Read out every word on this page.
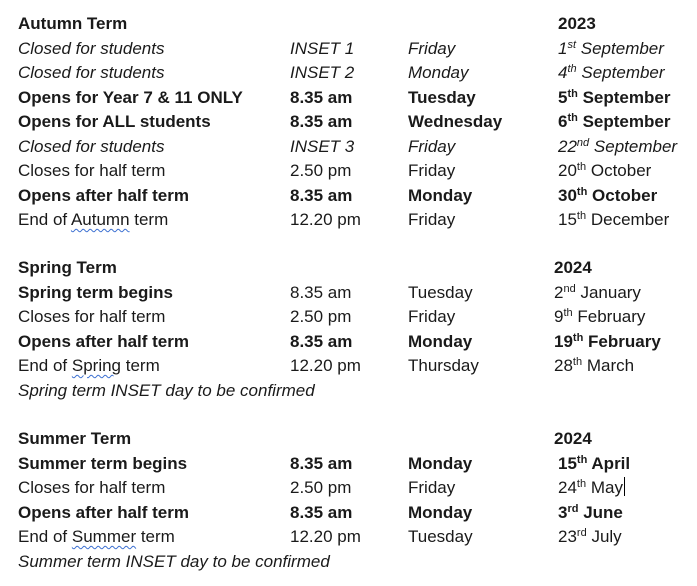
Autumn Term	2023
Closed for students	INSET 1	Friday	1st September
Closed for students	INSET 2	Monday	4th September
Opens for Year 7 & 11 ONLY	8.35 am	Tuesday	5th September
Opens for ALL students	8.35 am	Wednesday	6th September
Closed for students	INSET 3	Friday	22nd September
Closes for half term	2.50 pm	Friday	20th October
Opens after half term	8.35 am	Monday	30th October
End of Autumn term	12.20 pm	Friday	15th December
Spring Term	2024
Spring term begins	8.35 am	Tuesday	2nd January
Closes for half term	2.50 pm	Friday	9th February
Opens after half term	8.35 am	Monday	19th February
End of Spring term	12.20 pm	Thursday	28th March
Spring term INSET day to be confirmed
Summer Term	2024
Summer term begins	8.35 am	Monday	15th April
Closes for half term	2.50 pm	Friday	24th May
Opens after half term	8.35 am	Monday	3rd June
End of Summer term	12.20 pm	Tuesday	23rd July
Summer term INSET day to be confirmed
